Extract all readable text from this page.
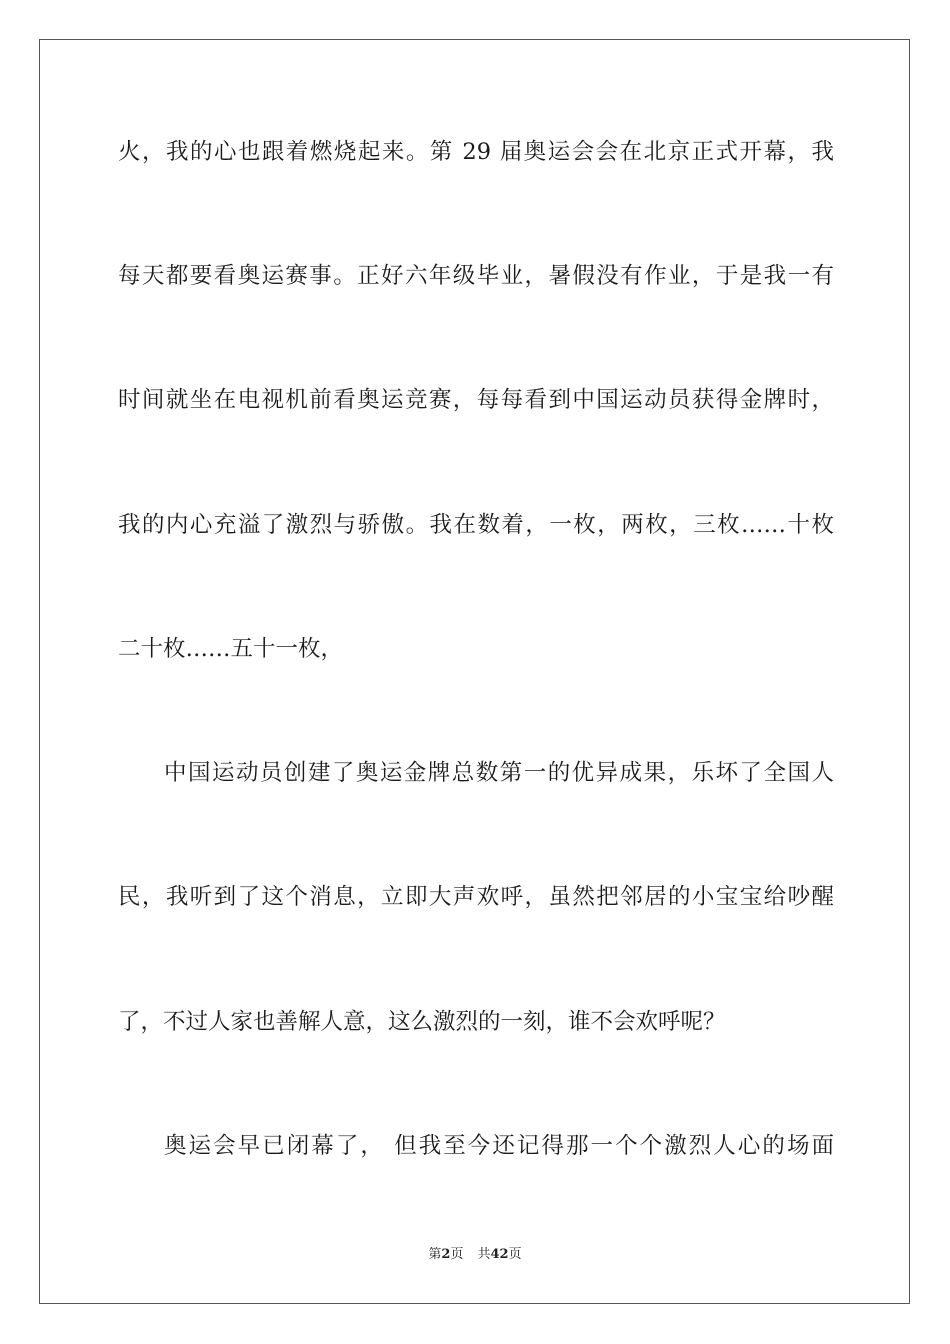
火，我的心也跟着燃烧起来。第 29 届奥运会会在北京正式开幕，我
每天都要看奥运赛事。正好六年级毕业，暑假没有作业，于是我一有
时间就坐在电视机前看奥运竞赛，每每看到中国运动员获得金牌时，
我的内心充溢了激烈与骄傲。我在数着，一枚，两枚，三枚……十枚
二十枚……五十一枚，
中国运动员创建了奥运金牌总数第一的优异成果，乐坏了全国人
民，我听到了这个消息，立即大声欢呼，虽然把邻居的小宝宝给吵醒
了，不过人家也善解人意，这么激烈的一刻，谁不会欢呼呢？
奥运会早已闭幕了， 但我至今还记得那一个个激烈人心的场面
第2页 共42页
